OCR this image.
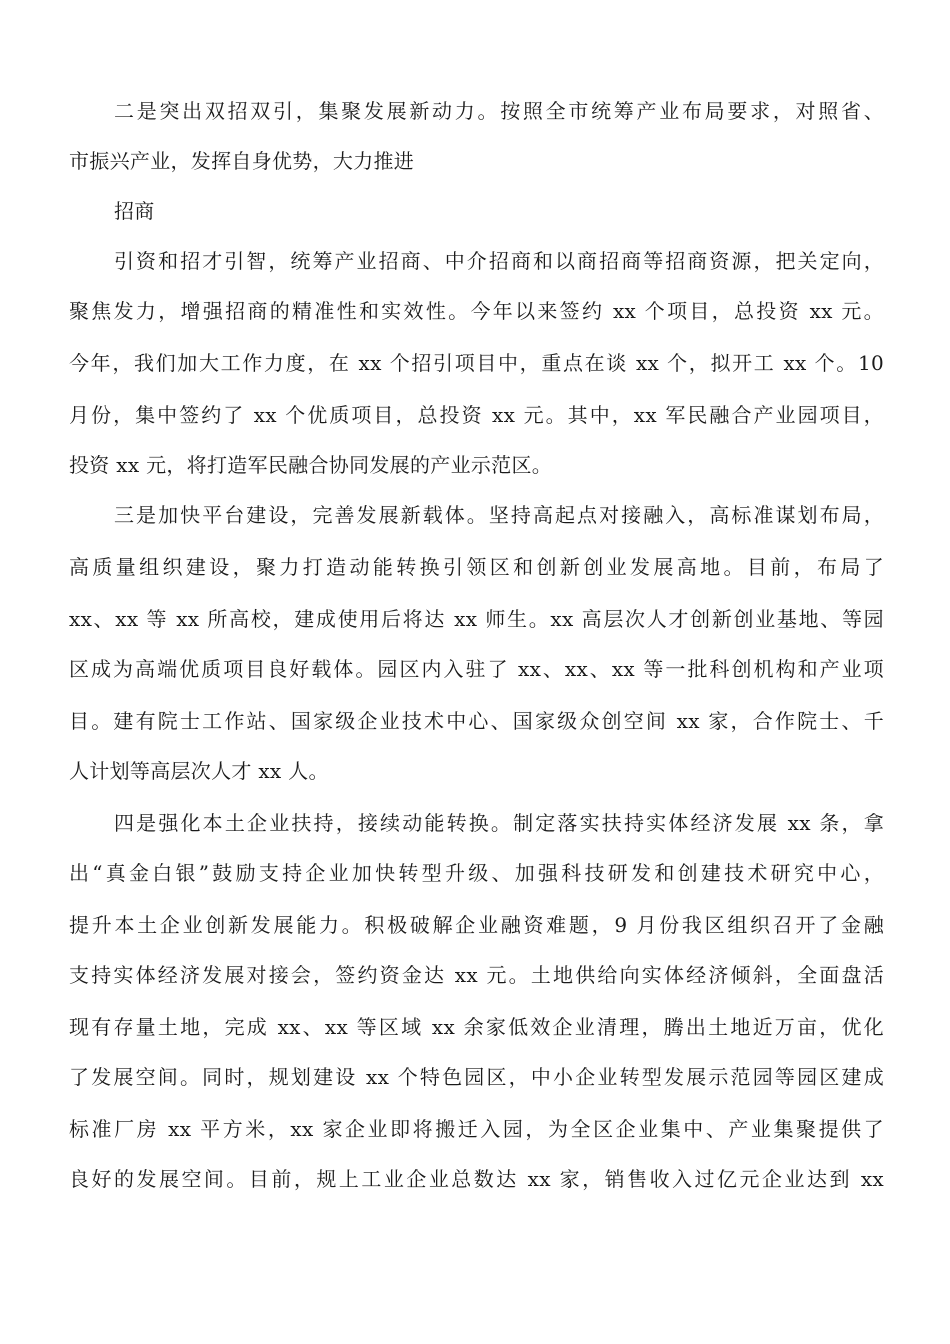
二是突出双招双引，集聚发展新动力。按照全市统筹产业布局要求，对照省、
市振兴产业，发挥自身优势，大力推进
招商
引资和招才引智，统筹产业招商、中介招商和以商招商等招商资源，把关定向，
聚焦发力，增强招商的精准性和实效性。今年以来签约 xx 个项目，总投资 xx 元。
今年，我们加大工作力度，在 xx 个招引项目中，重点在谈 xx 个，拟开工 xx 个。10
月份，集中签约了 xx 个优质项目，总投资 xx 元。其中，xx 军民融合产业园项目，
投资 xx 元，将打造军民融合协同发展的产业示范区。
三是加快平台建设，完善发展新载体。坚持高起点对接融入，高标准谋划布局，
高质量组织建设，聚力打造动能转换引领区和创新创业发展高地。目前，布局了
xx、xx 等 xx 所高校，建成使用后将达 xx 师生。xx 高层次人才创新创业基地、等园
区成为高端优质项目良好载体。园区内入驻了 xx、xx、xx 等一批科创机构和产业项
目。建有院士工作站、国家级企业技术中心、国家级众创空间 xx 家，合作院士、千
人计划等高层次人才 xx 人。
四是强化本土企业扶持，接续动能转换。制定落实扶持实体经济发展 xx 条，拿
出“真金白银”鼓励支持企业加快转型升级、加强科技研发和创建技术研究中心，
提升本土企业创新发展能力。积极破解企业融资难题，9 月份我区组织召开了金融
支持实体经济发展对接会，签约资金达 xx 元。土地供给向实体经济倾斜，全面盘活
现有存量土地，完成 xx、xx 等区域 xx 余家低效企业清理，腾出土地近万亩，优化
了发展空间。同时，规划建设 xx 个特色园区，中小企业转型发展示范园等园区建成
标准厂房 xx 平方米，xx 家企业即将搬迁入园，为全区企业集中、产业集聚提供了
良好的发展空间。目前，规上工业企业总数达 xx 家，销售收入过亿元企业达到 xx
